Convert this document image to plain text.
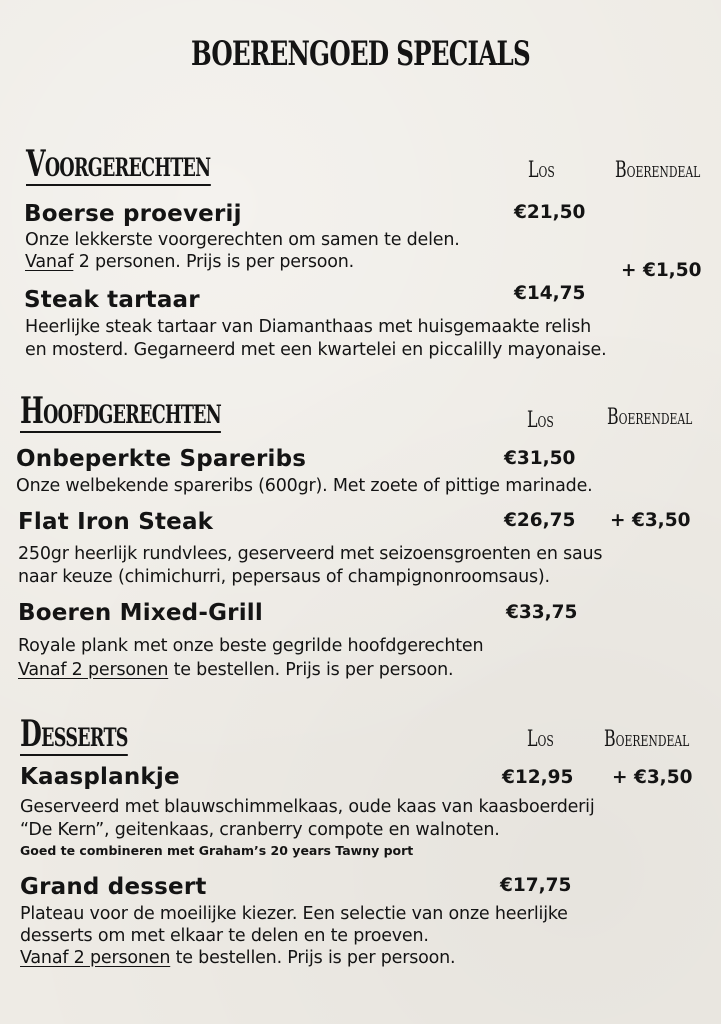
BOERENGOED SPECIALS
Voorgerechten	Los	Boerendeal
Boerse proeverij	€21,50
Onze lekkerste voorgerechten om samen te delen.
Vanaf 2 personen. Prijs is per persoon.	+ €1,50
Steak tartaar	€14,75
Heerlijke steak tartaar van Diamanthaas met huisgemaakte relish
en mosterd. Gegarneerd met een kwartelei en piccalilly mayonaise.
Hoofdgerechten	Los Boerendeal
Onbeperkte Spareribs	€31,50
Onze welbekende spareribs (600gr). Met zoete of pittige marinade.
Flat Iron Steak	€26,75 + €3,50
250gr heerlijk rundvlees, geserveerd met seizoensgroenten en saus
naar keuze (chimichurri, pepersaus of champignonroomsaus).
Boeren Mixed-Grill	€33,75
Royale plank met onze beste gegrilde hoofdgerechten
Vanaf 2 personen te bestellen. Prijs is per persoon.
Desserts	Los Boerendeal
Kaasplankje	€12,95 + €3,50
Geserveerd met blauwschimmelkaas, oude kaas van kaasboerderij
“De Kern”, geitenkaas, cranberry compote en walnoten.
Goed te combineren met Graham’s 20 years Tawny port
Grand dessert	€17,75
Plateau voor de moeilijke kiezer. Een selectie van onze heerlijke
desserts om met elkaar te delen en te proeven.
Vanaf 2 personen te bestellen. Prijs is per persoon.
